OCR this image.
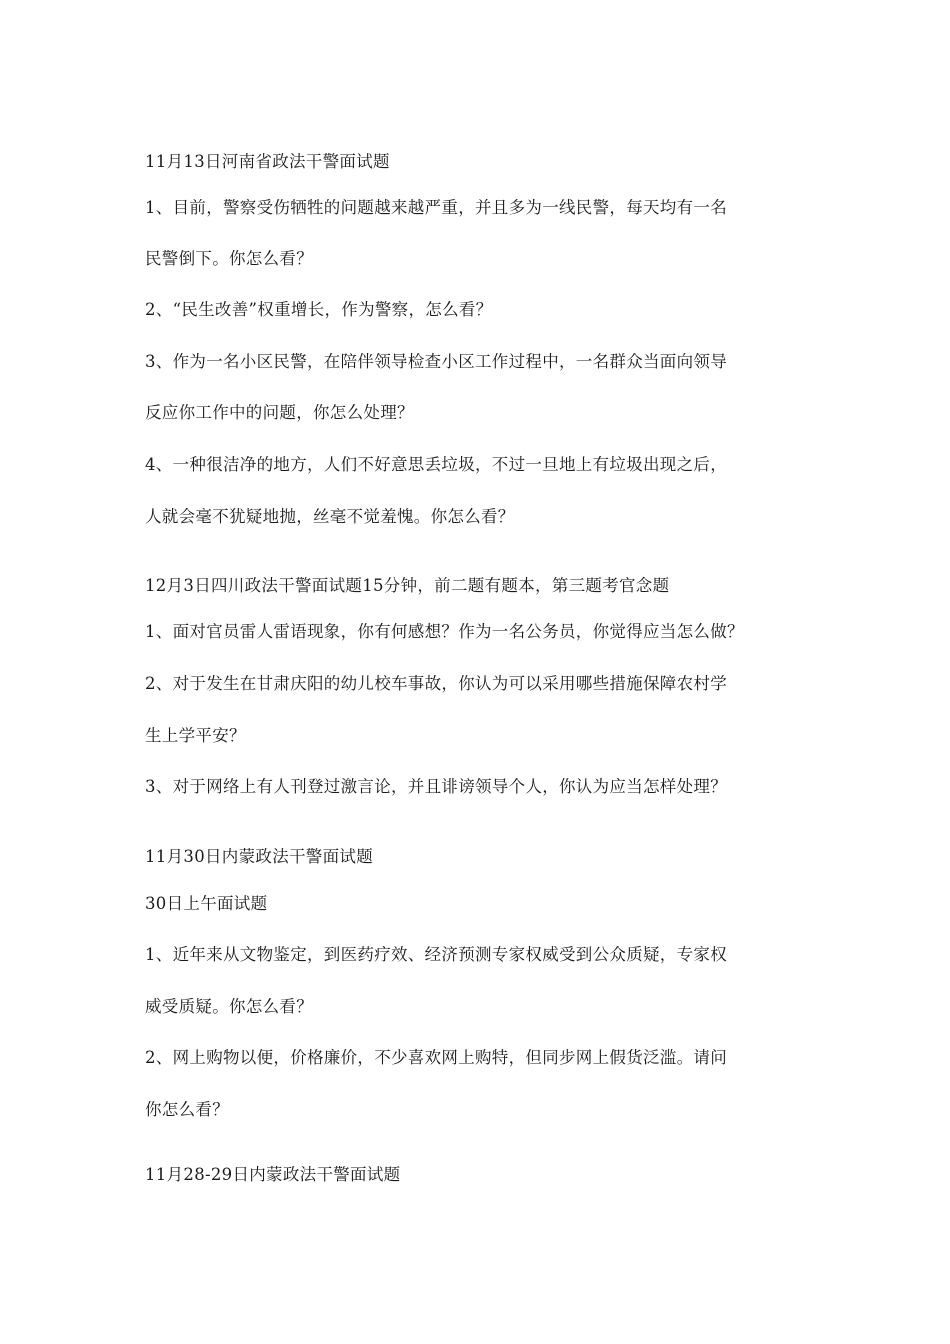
11月13日河南省政法干警面试题
1、目前，警察受伤牺牲的问题越来越严重，并且多为一线民警，每天均有一名
民警倒下。你怎么看？
2、“民生改善”权重增长，作为警察，怎么看？
3、作为一名小区民警，在陪伴领导检查小区工作过程中，一名群众当面向领导
反应你工作中的问题，你怎么处理？
4、一种很洁净的地方，人们不好意思丢垃圾，不过一旦地上有垃圾出现之后，
人就会毫不犹疑地抛，丝毫不觉羞愧。你怎么看？
12月3日四川政法干警面试题15分钟，前二题有题本，第三题考官念题
1、面对官员雷人雷语现象，你有何感想？作为一名公务员，你觉得应当怎么做？
2、对于发生在甘肃庆阳的幼儿校车事故，你认为可以采用哪些措施保障农村学
生上学平安？
3、对于网络上有人刊登过激言论，并且诽谤领导个人，你认为应当怎样处理？
11月30日内蒙政法干警面试题
30日上午面试题
1、近年来从文物鉴定，到医药疗效、经济预测专家权威受到公众质疑，专家权
威受质疑。你怎么看？
2、网上购物以便，价格廉价，不少喜欢网上购特，但同步网上假货泛滥。请问
你怎么看？
11月28-29日内蒙政法干警面试题
